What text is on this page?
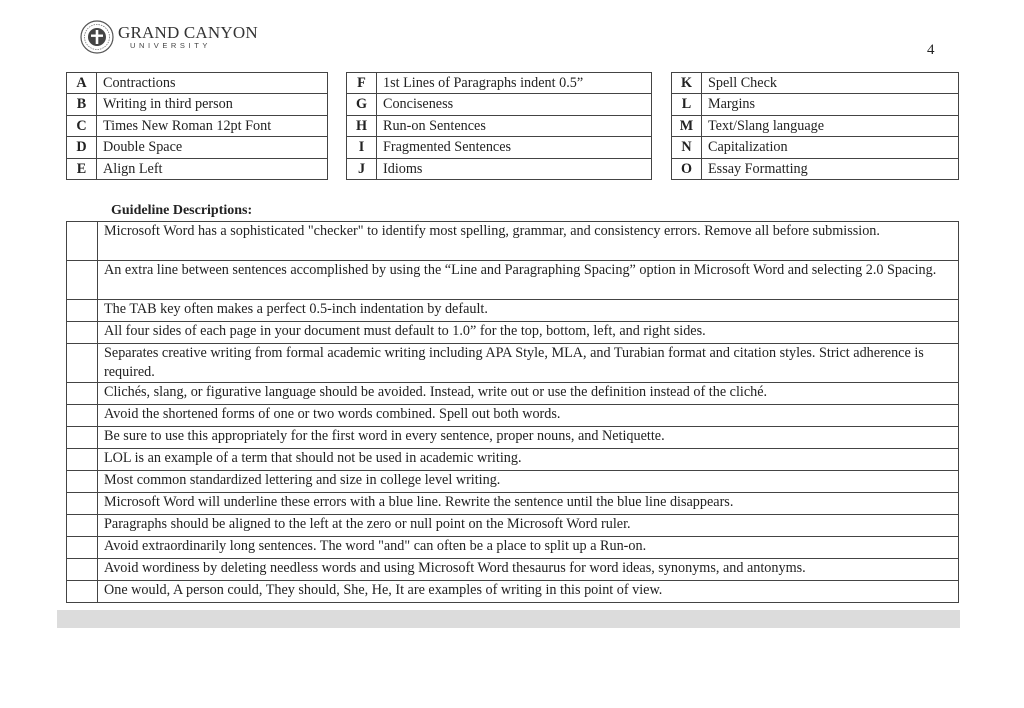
GRAND CANYON
UNIVERSITY	4
A	Contractions
B	Writing in third person
C	Times New Roman 12pt Font
D	Double Space
E	Align Left
F	1st Lines of Paragraphs indent 0.5”
G	Conciseness
H	Run-on Sentences
I	Fragmented Sentences
J	Idioms
K	Spell Check
L	Margins
M	Text/Slang language
N	Capitalization
O	Essay Formatting
Guideline Descriptions:
	Microsoft Word has a sophisticated "checker" to identify most spelling, grammar, and consistency errors. Remove all before submission.
	An extra line between sentences accomplished by using the “Line and Paragraphing Spacing” option in Microsoft Word and selecting 2.0 Spacing.
	The TAB key often makes a perfect 0.5-inch indentation by default.
	All four sides of each page in your document must default to 1.0” for the top, bottom, left, and right sides.
	Separates creative writing from formal academic writing including APA Style, MLA, and Turabian format and citation styles. Strict adherence is required.
	Clichés, slang, or figurative language should be avoided. Instead, write out or use the definition instead of the cliché.
	Avoid the shortened forms of one or two words combined. Spell out both words.
	Be sure to use this appropriately for the first word in every sentence, proper nouns, and Netiquette.
	LOL is an example of a term that should not be used in academic writing.
	Most common standardized lettering and size in college level writing.
	Microsoft Word will underline these errors with a blue line. Rewrite the sentence until the blue line disappears.
	Paragraphs should be aligned to the left at the zero or null point on the Microsoft Word ruler.
	Avoid extraordinarily long sentences. The word "and" can often be a place to split up a Run-on.
	Avoid wordiness by deleting needless words and using Microsoft Word thesaurus for word ideas, synonyms, and antonyms.
	One would, A person could, They should, She, He, It are examples of writing in this point of view.
